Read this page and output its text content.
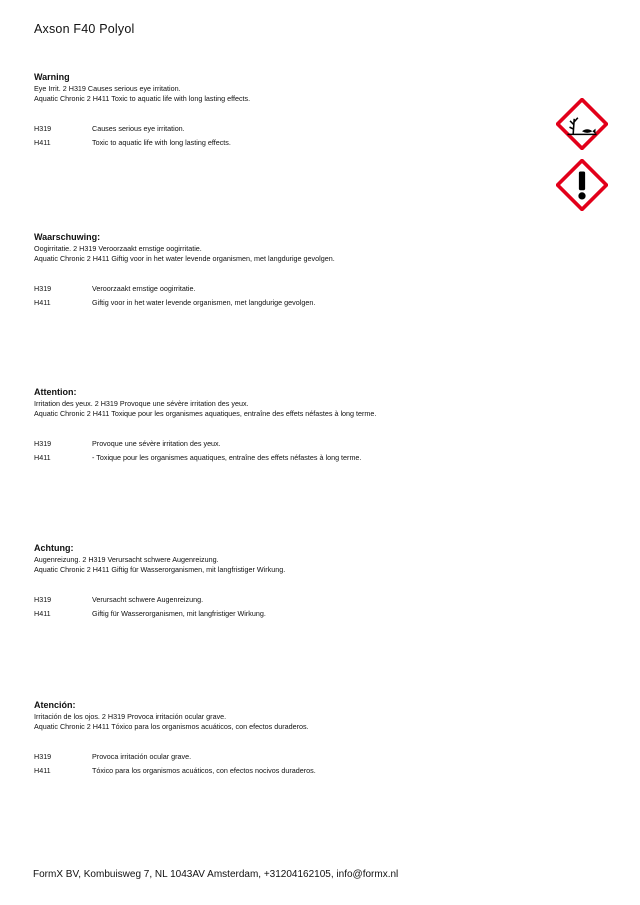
Axson F40 Polyol

Warning
Eye Irrit. 2 H319 Causes serious eye irritation.
Aquatic Chronic 2 H411 Toxic to aquatic life with long lasting effects.
H319	Causes serious eye irritation.
H411	Toxic to aquatic life with long lasting effects.
Waarschuwing:
Oogirritatie. 2 H319 Veroorzaakt ernstige oogirritatie.
Aquatic Chronic 2 H411 Giftig voor in het water levende organismen, met langdurige gevolgen.
H319	Veroorzaakt ernstige oogirritatie.
H411	Giftig voor in het water levende organismen, met langdurige gevolgen.
Attention:
Irritation des yeux. 2 H319 Provoque une sévère irritation des yeux.
Aquatic Chronic 2 H411 Toxique pour les organismes aquatiques, entraîne des effets néfastes à long terme.
H319	Provoque une sévère irritation des yeux.
H411	- Toxique pour les organismes aquatiques, entraîne des effets néfastes à long terme.
Achtung:
Augenreizung. 2 H319 Verursacht schwere Augenreizung.
Aquatic Chronic 2 H411 Giftig für Wasserorganismen, mit langfristiger Wirkung.
H319	Verursacht schwere Augenreizung.
H411	Giftig für Wasserorganismen, mit langfristiger Wirkung.
Atención:
Irritación de los ojos. 2 H319 Provoca irritación ocular grave.
Aquatic Chronic 2 H411 Tóxico para los organismos acuáticos, con efectos duraderos.
H319	Provoca irritación ocular grave.
H411	Tóxico para los organismos acuáticos, con efectos nocivos duraderos.
FormX BV, Kombuisweg 7, NL 1043AV Amsterdam, +31204162105, info@formx.nl
